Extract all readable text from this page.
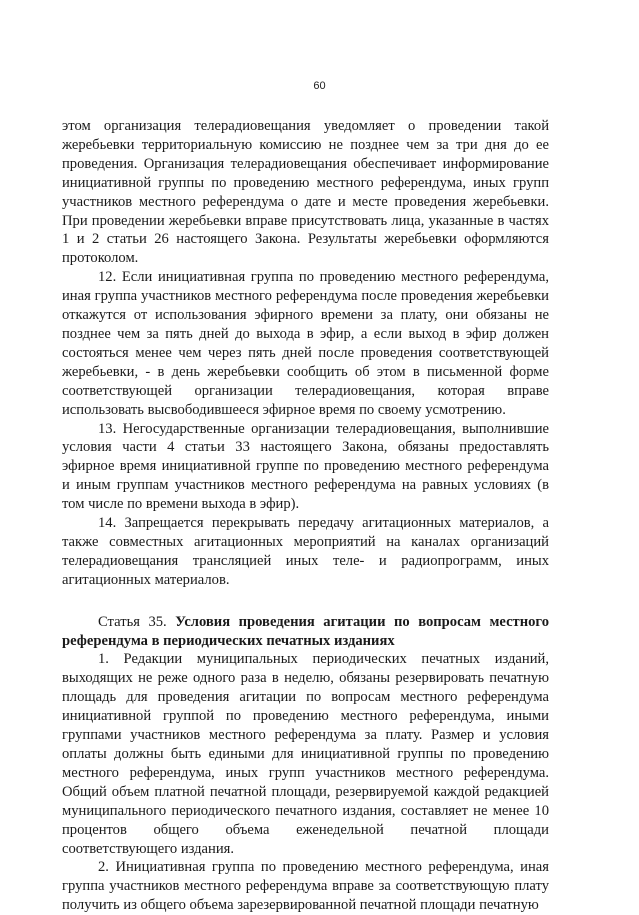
60

этом организация телерадиовещания уведомляет о проведении такой жеребьевки территориальную комиссию не позднее чем за три дня до ее проведения. Организация телерадиовещания обеспечивает информирование инициативной группы по проведению местного референдума, иных групп участников местного референдума о дате и месте проведения жеребьевки. При проведении жеребьевки вправе присутствовать лица, указанные в частях 1 и 2 статьи 26 настоящего Закона. Результаты жеребьевки оформляются протоколом.

12. Если инициативная группа по проведению местного референдума, иная группа участников местного референдума после проведения жеребьевки откажутся от использования эфирного времени за плату, они обязаны не позднее чем за пять дней до выхода в эфир, а если выход в эфир должен состояться менее чем через пять дней после проведения соответствующей жеребьевки, - в день жеребьевки сообщить об этом в письменной форме соответствующей организации телерадиовещания, которая вправе использовать высвободившееся эфирное время по своему усмотрению.

13. Негосударственные организации телерадиовещания, выполнившие условия части 4 статьи 33 настоящего Закона, обязаны предоставлять эфирное время инициативной группе по проведению местного референдума и иным группам участников местного референдума на равных условиях (в том числе по времени выхода в эфир).

14. Запрещается перекрывать передачу агитационных материалов, а также совместных агитационных мероприятий на каналах организаций телерадиовещания трансляцией иных теле- и радиопрограмм, иных агитационных материалов.

Статья 35. Условия проведения агитации по вопросам местного референдума в периодических печатных изданиях

1. Редакции муниципальных периодических печатных изданий, выходящих не реже одного раза в неделю, обязаны резервировать печатную площадь для проведения агитации по вопросам местного референдума инициативной группой по проведению местного референдума, иными группами участников местного референдума за плату. Размер и условия оплаты должны быть едиными для инициативной группы по проведению местного референдума, иных групп участников местного референдума. Общий объем платной печатной площади, резервируемой каждой редакцией муниципального периодического печатного издания, составляет не менее 10 процентов общего объема еженедельной печатной площади соответствующего издания.

2. Инициативная группа по проведению местного референдума, иная группа участников местного референдума вправе за соответствующую плату получить из общего объема зарезервированной печатной площади печатную
